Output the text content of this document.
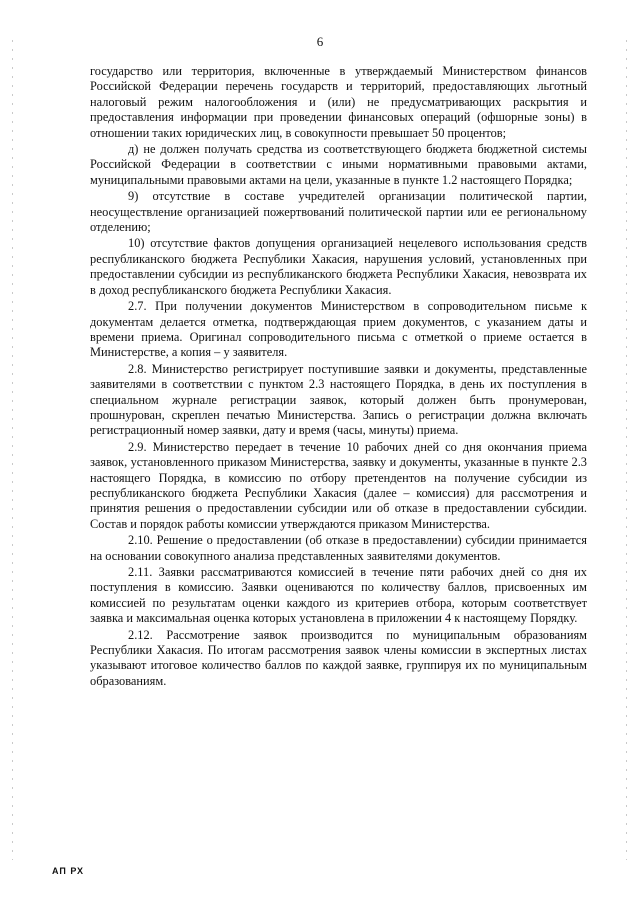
6

государство или территория, включенные в утверждаемый Министерством финансов Российской Федерации перечень государств и территорий, предоставляющих льготный налоговый режим налогообложения и (или) не предусматривающих раскрытия и предоставления информации при проведении финансовых операций (офшорные зоны) в отношении таких юридических лиц, в совокупности превышает 50 процентов;

д) не должен получать средства из соответствующего бюджета бюджетной системы Российской Федерации в соответствии с иными нормативными правовыми актами, муниципальными правовыми актами на цели, указанные в пункте 1.2 настоящего Порядка;

9) отсутствие в составе учредителей организации политической партии, неосуществление организацией пожертвований политической партии или ее региональному отделению;

10) отсутствие фактов допущения организацией нецелевого использования средств республиканского бюджета Республики Хакасия, нарушения условий, установленных при предоставлении субсидии из республиканского бюджета Республики Хакасия, невозврата их в доход республиканского бюджета Республики Хакасия.

2.7. При получении документов Министерством в сопроводительном письме к документам делается отметка, подтверждающая прием документов, с указанием даты и времени приема. Оригинал сопроводительного письма с отметкой о приеме остается в Министерстве, а копия – у заявителя.

2.8. Министерство регистрирует поступившие заявки и документы, представленные заявителями в соответствии с пунктом 2.3 настоящего Порядка, в день их поступления в специальном журнале регистрации заявок, который должен быть пронумерован, прошнурован, скреплен печатью Министерства. Запись о регистрации должна включать регистрационный номер заявки, дату и время (часы, минуты) приема.

2.9. Министерство передает в течение 10 рабочих дней со дня окончания приема заявок, установленного приказом Министерства, заявку и документы, указанные в пункте 2.3 настоящего Порядка, в комиссию по отбору претендентов на получение субсидии из республиканского бюджета Республики Хакасия (далее – комиссия) для рассмотрения и принятия решения о предоставлении субсидии или об отказе в предоставлении субсидии. Состав и порядок работы комиссии утверждаются приказом Министерства.

2.10. Решение о предоставлении (об отказе в предоставлении) субсидии принимается на основании совокупного анализа представленных заявителями документов.

2.11. Заявки рассматриваются комиссией в течение пяти рабочих дней со дня их поступления в комиссию. Заявки оцениваются по количеству баллов, присвоенных им комиссией по результатам оценки каждого из критериев отбора, которым соответствует заявка и максимальная оценка которых установлена в приложении 4 к настоящему Порядку.

2.12. Рассмотрение заявок производится по муниципальным образованиям Республики Хакасия. По итогам рассмотрения заявок члены комиссии в экспертных листах указывают итоговое количество баллов по каждой заявке, группируя их по муниципальным образованиям.

АП РХ
